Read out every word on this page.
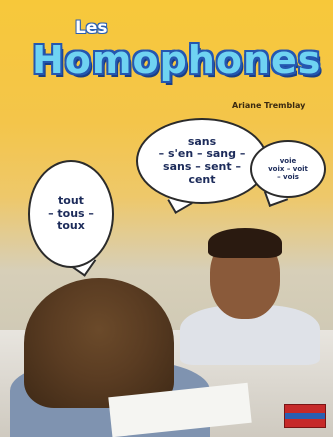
Les
Homophones
Ariane Tremblay
sans
– s'en – sang –
sans – sent –
cent
tout
– tous –
toux
voie
voix – voit
– vois
